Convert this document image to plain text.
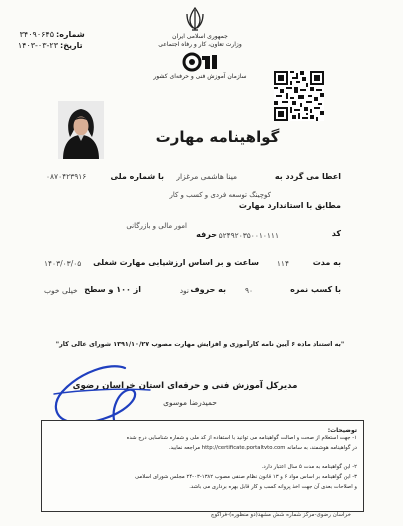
جمهوری اسلامی ایران
وزارت تعاون، کار و رفاه اجتماعی
سازمان آموزش فنی و حرفه‌ای کشور
شماره:
۳۴۰۹۰۶۴۵
تاریخ:
۱۴۰۳-۰۳-۲۳
گواهینامه مهارت
اعطا می گردد به
مینا هاشمی مرغزار
با شماره ملی
۰۸۷۰۴۲۳۹۱۶
کوچینگ توسعه فردی و کسب و کار
مطابق با استاندارد مهارت
کد
۵۲۴۹۲۰۳۵۰۰۱۰۱۱۱
حرفه
امور مالی و بازرگانی
به مدت
۱۱۴
ساعت و بر اساس ارزشیابی مهارت شغلی
۱۴۰۳/۰۳/۰۵
با کسب نمره
۹۰
به حروف
نود
از ۱۰۰ و سطح
خیلی خوب
"به استناد ماده ۶ آیین نامه کارآموزی و افزایش مهارت مصوب ۱۳۹۱/۱۰/۲۷ شورای عالی کار"
مدیرکل آموزش فنی و حرفه‌ای استان خراسان رضوی
حمیدرضا موسوی
توضیحات:
۱- جهت استعلام از صحت و اصالت گواهینامه می توانید با استفاده از کد ملی و شماره شناسایی درج شده
در گواهینامه هوشمند، به سامانه http://certificate.portaltvto.com مراجعه نمایید.
۲- این گواهینامه به مدت ۵ سال اعتبار دارد.
۳- این گواهینامه بر اساس مواد ۶ و ۱۳ قانون نظام صنفی مصوب ۱۳۸۲-۰۳-۲۴ مجلس شورای اسلامی
و اصلاحات بعدی آن جهت اخذ پروانه کسب و کار قابل بهره برداری می باشد.
خراسان رضوی-مرکز شماره شش مشهد(دو منظوره)-فراگوچ
